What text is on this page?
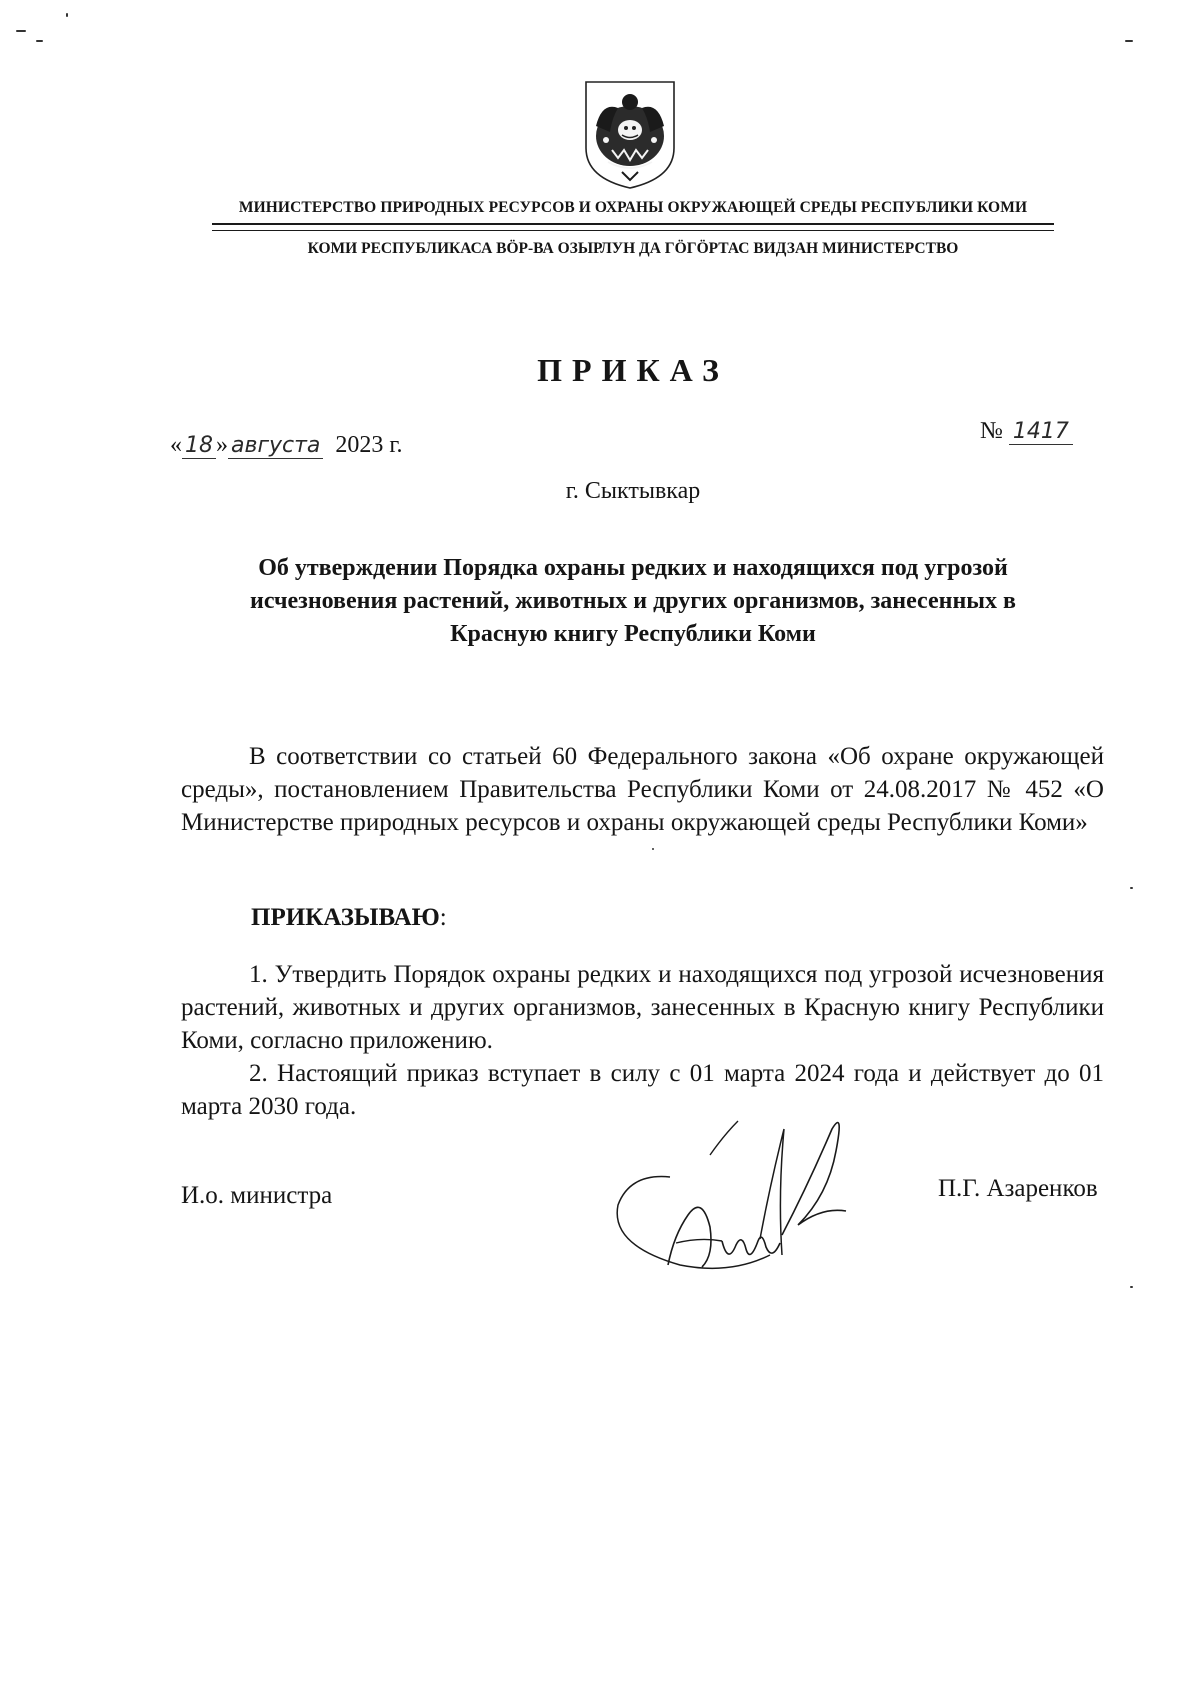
МИНИСТЕРСТВО ПРИРОДНЫХ РЕСУРСОВ И ОХРАНЫ ОКРУЖАЮЩЕЙ СРЕДЫ РЕСПУБЛИКИ КОМИ
КОМИ РЕСПУБЛИКАСА ВӦР-ВА ОЗЫРЛУН ДА ГӦГӦРТАС ВИДЗАН МИНИСТЕРСТВО
ПРИКАЗ
« 18 » августа 2023 г.
№ 1417
г. Сыктывкар
Об утверждении Порядка охраны редких и находящихся под угрозой исчезновения растений, животных и других организмов, занесенных в Красную книгу Республики Коми
В соответствии со статьей 60 Федерального закона «Об охране окружающей среды», постановлением Правительства Республики Коми от 24.08.2017 № 452 «О Министерстве природных ресурсов и охраны окружающей среды Республики Коми»
ПРИКАЗЫВАЮ:
1. Утвердить Порядок охраны редких и находящихся под угрозой исчезновения растений, животных и других организмов, занесенных в Красную книгу Республики Коми, согласно приложению.
2. Настоящий приказ вступает в силу с 01 марта 2024 года и действует до 01 марта 2030 года.
И.о. министра	П.Г. Азаренков
